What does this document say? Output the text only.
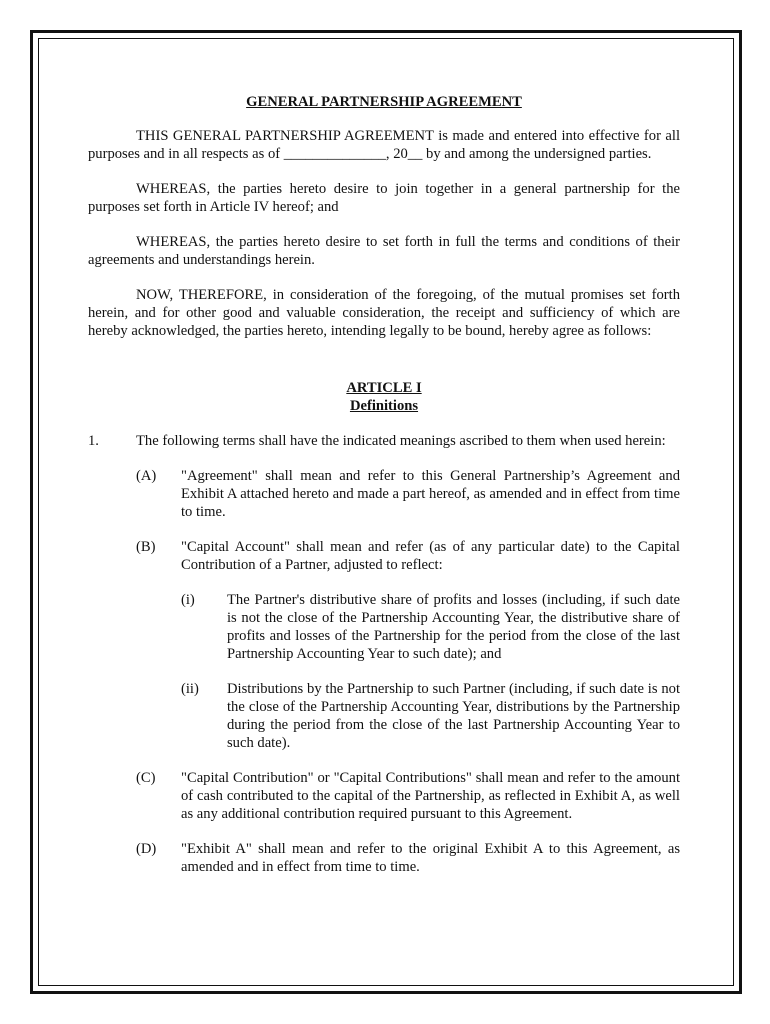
GENERAL PARTNERSHIP AGREEMENT

THIS GENERAL PARTNERSHIP AGREEMENT is made and entered into effective for all purposes and in all respects as of ______________, 20__ by and among the undersigned parties.

WHEREAS, the parties hereto desire to join together in a general partnership for the purposes set forth in Article IV hereof; and

WHEREAS, the parties hereto desire to set forth in full the terms and conditions of their agreements and understandings herein.

NOW, THEREFORE, in consideration of the foregoing, of the mutual promises set forth herein, and for other good and valuable consideration, the receipt and sufficiency of which are hereby acknowledged, the parties hereto, intending legally to be bound, hereby agree as follows:

ARTICLE I

Definitions

1.	The following terms shall have the indicated meanings ascribed to them when used herein:
(A) "Agreement" shall mean and refer to this General Partnership’s Agreement and Exhibit A attached hereto and made a part hereof, as amended and in effect from time to time.
(B) "Capital Account" shall mean and refer (as of any particular date) to the Capital Contribution of a Partner, adjusted to reflect:
(i) The Partner's distributive share of profits and losses (including, if such date is not the close of the Partnership Accounting Year, the distributive share of profits and losses of the Partnership for the period from the close of the last Partnership Accounting Year to such date); and
(ii) Distributions by the Partnership to such Partner (including, if such date is not the close of the Partnership Accounting Year, distributions by the Partnership during the period from the close of the last Partnership Accounting Year to such date).
(C) "Capital Contribution" or "Capital Contributions" shall mean and refer to the amount of cash contributed to the capital of the Partnership, as reflected in Exhibit A, as well as any additional contribution required pursuant to this Agreement.
(D) "Exhibit A" shall mean and refer to the original Exhibit A to this Agreement, as amended and in effect from time to time.
